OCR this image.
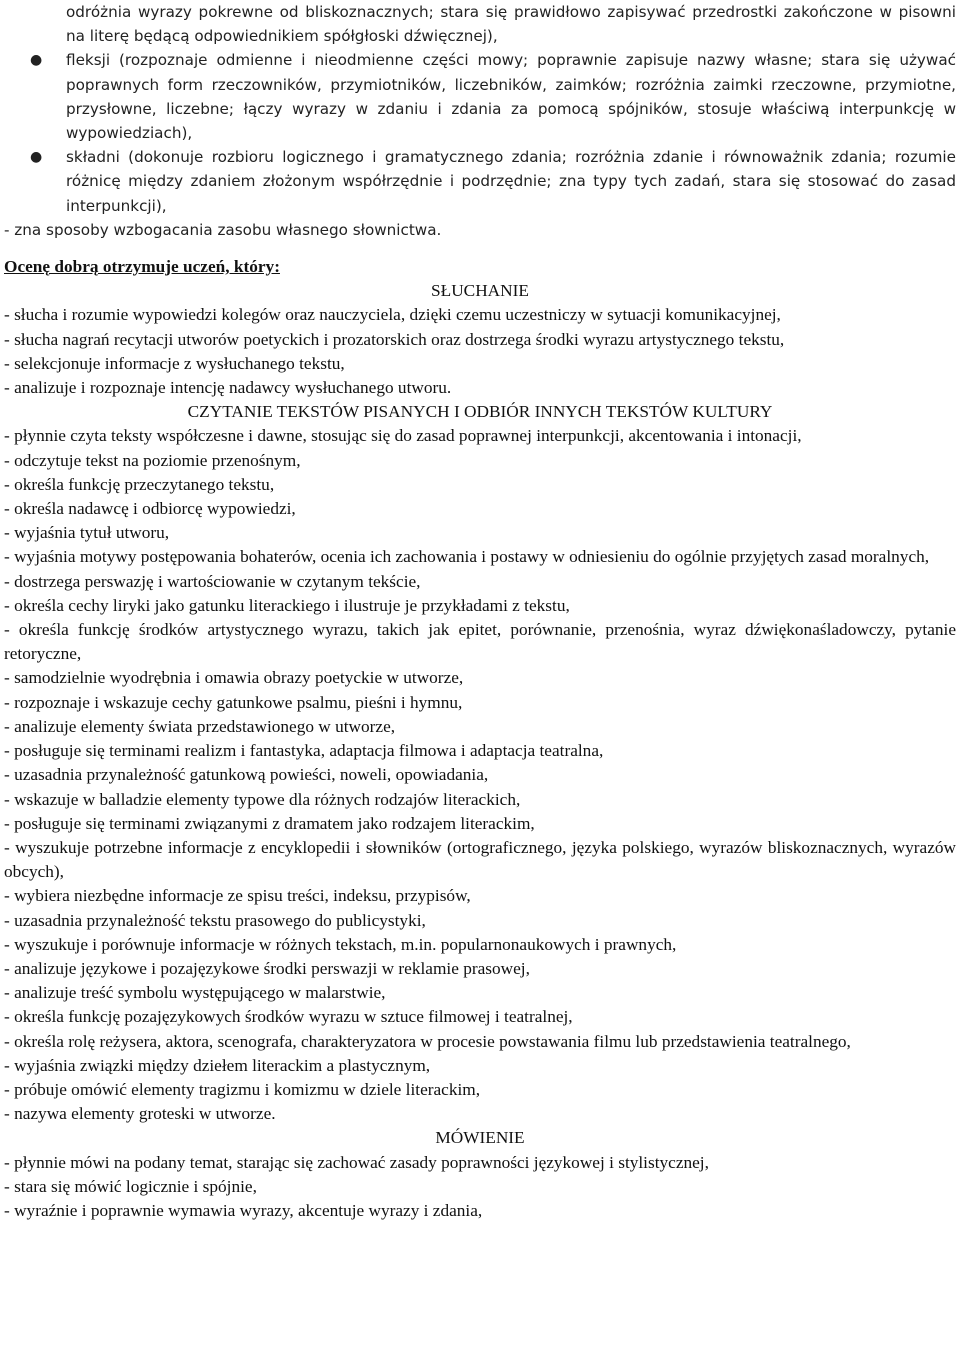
odróżnia wyrazy pokrewne od bliskoznacznych; stara się prawidłowo zapisywać przedrostki zakończone w pisowni na literę będącą odpowiednikiem spółgłoski dźwięcznej),

● fleksji (rozpoznaje odmienne i nieodmienne części mowy; poprawnie zapisuje nazwy własne; stara się używać poprawnych form rzeczowników, przymiotników, liczebników, zaimków; rozróżnia zaimki rzeczowne, przymiotne, przysłowne, liczebne; łączy wyrazy w zdaniu i zdania za pomocą spójników, stosuje właściwą interpunkcję w wypowiedziach),
● składni (dokonuje rozbioru logicznego i gramatycznego zdania; rozróżnia zdanie i równoważnik zdania; rozumie różnicę między zdaniem złożonym współrzędnie i podrzędnie; zna typy tych zadań, stara się stosować do zasad interpunkcji),

- zna sposoby wzbogacania zasobu własnego słownictwa.

Ocenę dobrą otrzymuje uczeń, który:

SŁUCHANIE

- słucha i rozumie wypowiedzi kolegów oraz nauczyciela, dzięki czemu uczestniczy w sytuacji komunikacyjnej,
- słucha nagrań recytacji utworów poetyckich i prozatorskich oraz dostrzega środki wyrazu artystycznego tekstu,
- selekcjonuje informacje z wysłuchanego tekstu,
- analizuje i rozpoznaje intencję nadawcy wysłuchanego utworu.

CZYTANIE TEKSTÓW PISANYCH I ODBIÓR INNYCH TEKSTÓW KULTURY

- płynnie czyta teksty współczesne i dawne, stosując się do zasad poprawnej interpunkcji, akcentowania i intonacji,
- odczytuje tekst na poziomie przenośnym,
- określa funkcję przeczytanego tekstu,
- określa nadawcę i odbiorcę wypowiedzi,
- wyjaśnia tytuł utworu,
- wyjaśnia motywy postępowania bohaterów, ocenia ich zachowania i postawy w odniesieniu do ogólnie przyjętych zasad moralnych,
- dostrzega perswazję i wartościowanie w czytanym tekście,
- określa cechy liryki jako gatunku literackiego i ilustruje je przykładami z tekstu,
- określa funkcję środków artystycznego wyrazu, takich jak epitet, porównanie, przenośnia, wyraz dźwiękonaśladowczy, pytanie retoryczne,
- samodzielnie wyodrębnia i omawia obrazy poetyckie w utworze,
- rozpoznaje i wskazuje cechy gatunkowe psalmu, pieśni i hymnu,
- analizuje elementy świata przedstawionego w utworze,
- posługuje się terminami realizm i fantastyka, adaptacja filmowa i adaptacja teatralna,
- uzasadnia przynależność gatunkową powieści, noweli, opowiadania,
- wskazuje w balladzie elementy typowe dla różnych rodzajów literackich,
- posługuje się terminami związanymi z dramatem jako rodzajem literackim,
- wyszukuje potrzebne informacje z encyklopedii i słowników (ortograficznego, języka polskiego, wyrazów bliskoznacznych, wyrazów obcych),
- wybiera niezbędne informacje ze spisu treści, indeksu, przypisów,
- uzasadnia przynależność tekstu prasowego do publicystyki,
- wyszukuje i porównuje informacje w różnych tekstach, m.in. popularnonaukowych i prawnych,
- analizuje językowe i pozajęzykowe środki perswazji w reklamie prasowej,
- analizuje treść symbolu występującego w malarstwie,
- określa funkcję pozajęzykowych środków wyrazu w sztuce filmowej i teatralnej,
- określa rolę reżysera, aktora, scenografa, charakteryzatora w procesie powstawania filmu lub przedstawienia teatralnego,
- wyjaśnia związki między dziełem literackim a plastycznym,
- próbuje omówić elementy tragizmu i komizmu w dziele literackim,
- nazywa elementy groteski w utworze.

MÓWIENIE

- płynnie mówi na podany temat, starając się zachować zasady poprawności językowej i stylistycznej,
- stara się mówić logicznie i spójnie,
- wyraźnie i poprawnie wymawia wyrazy, akcentuje wyrazy i zdania,
